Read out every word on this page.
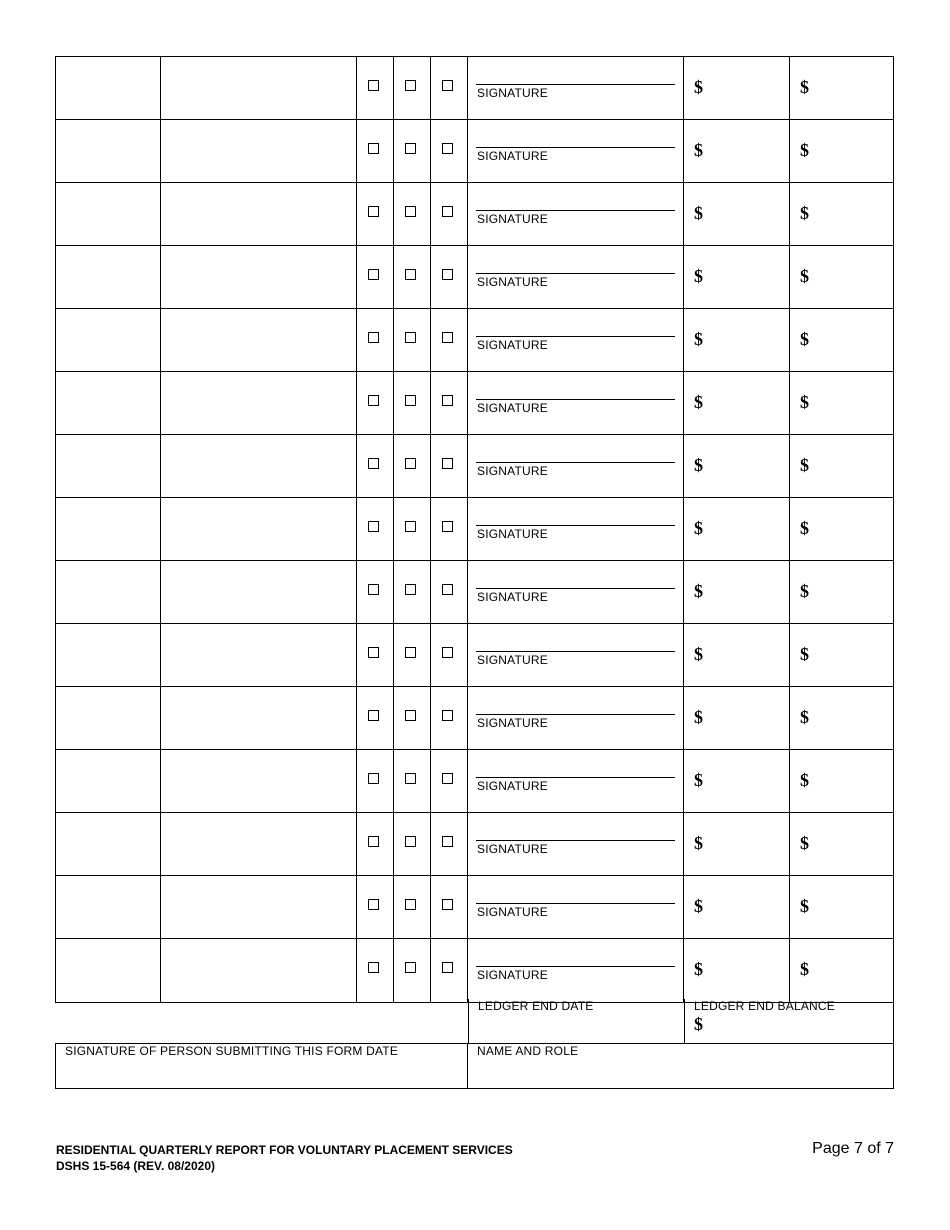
SIGNATURE	$	$
SIGNATURE	$	$
SIGNATURE	$	$
SIGNATURE	$	$
SIGNATURE	$	$
SIGNATURE	$	$
SIGNATURE	$	$
SIGNATURE	$	$
SIGNATURE	$	$
SIGNATURE	$	$
SIGNATURE	$	$
SIGNATURE	$	$
SIGNATURE	$	$
SIGNATURE	$	$
SIGNATURE	$	$
LEDGER END DATE	LEDGER END BALANCE
$
SIGNATURE OF PERSON SUBMITTING THIS FORM DATE	NAME AND ROLE
RESIDENTIAL QUARTERLY REPORT FOR VOLUNTARY PLACEMENT SERVICES
DSHS 15-564 (REV. 08/2020)
Page 7 of 7
